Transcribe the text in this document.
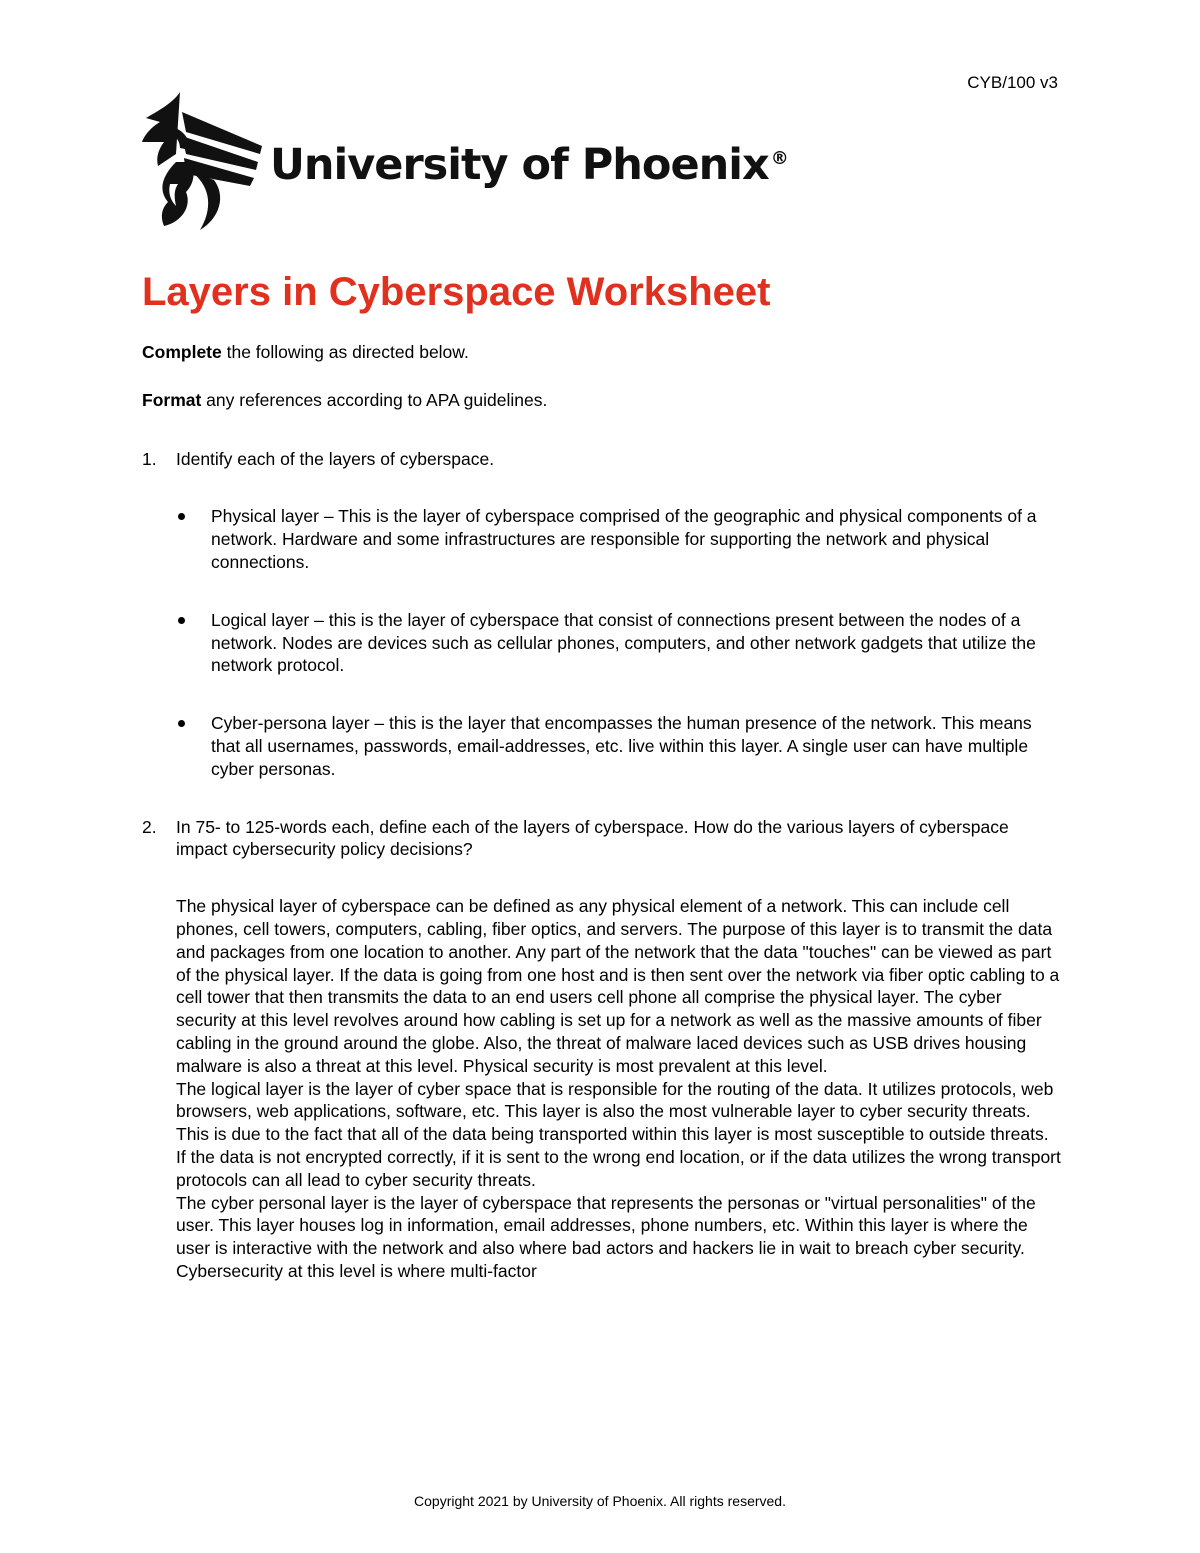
CYB/100 v3
University of Phoenix ®
Layers in Cyberspace Worksheet

Complete the following as directed below.

Format any references according to APA guidelines.

1.	Identify each of the layers of cyberspace.
Physical layer – This is the layer of cyberspace comprised of the geographic and physical components of a network. Hardware and some infrastructures are responsible for supporting the network and physical connections.
Logical layer – this is the layer of cyberspace that consist of connections present between the nodes of a network. Nodes are devices such as cellular phones, computers, and other network gadgets that utilize the network protocol.
Cyber-persona layer – this is the layer that encompasses the human presence of the network. This means that all usernames, passwords, email-addresses, etc. live within this layer. A single user can have multiple cyber personas.
2.	In 75- to 125-words each, define each of the layers of cyberspace. How do the various layers of cyberspace impact cybersecurity policy decisions?

The physical layer of cyberspace can be defined as any physical element of a network. This can include cell phones, cell towers, computers, cabling, fiber optics, and servers. The purpose of this layer is to transmit the data and packages from one location to another. Any part of the network that the data "touches" can be viewed as part of the physical layer. If the data is going from one host and is then sent over the network via fiber optic cabling to a cell tower that then transmits the data to an end users cell phone all comprise the physical layer. The cyber security at this level revolves around how cabling is set up for a network as well as the massive amounts of fiber cabling in the ground around the globe. Also, the threat of malware laced devices such as USB drives housing malware is also a threat at this level. Physical security is most prevalent at this level.

The logical layer is the layer of cyber space that is responsible for the routing of the data. It utilizes protocols, web browsers, web applications, software, etc. This layer is also the most vulnerable layer to cyber security threats. This is due to the fact that all of the data being transported within this layer is most susceptible to outside threats. If the data is not encrypted correctly, if it is sent to the wrong end location, or if the data utilizes the wrong transport protocols can all lead to cyber security threats.

The cyber personal layer is the layer of cyberspace that represents the personas or "virtual personalities" of the user. This layer houses log in information, email addresses, phone numbers, etc. Within this layer is where the user is interactive with the network and also where bad actors and hackers lie in wait to breach cyber security. Cybersecurity at this level is where multi-factor

Copyright 2021 by University of Phoenix. All rights reserved.
